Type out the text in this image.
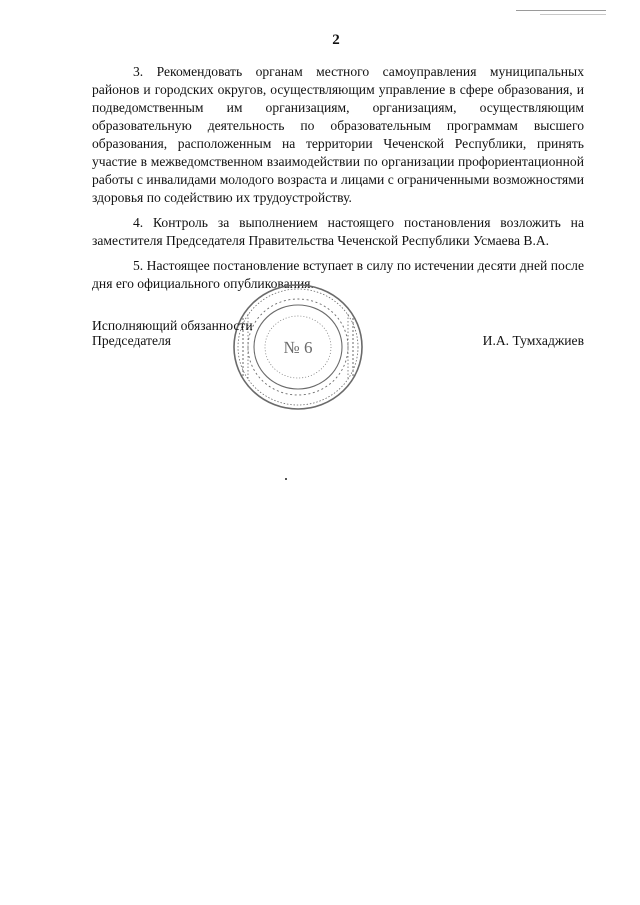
2

3. Рекомендовать органам местного самоуправления муниципальных районов и городских округов, осуществляющим управление в сфере образования, и подведомственным им организациям, организациям, осуществляющим образовательную деятельность по образовательным программам высшего образования, расположенным на территории Чеченской Республики, принять участие в межведомственном взаимодействии по организации профориентационной работы с инвалидами молодого возраста и лицами с ограниченными возможностями здоровья по содействию их трудоустройству.

4. Контроль за выполнением настоящего постановления возложить на заместителя Председателя Правительства Чеченской Республики Усмаева В.А.

5. Настоящее постановление вступает в силу по истечении десяти дней после дня его официального опубликования.

№ 6
Исполняющий обязанности
Председателя	И.А. Тумхаджиев
